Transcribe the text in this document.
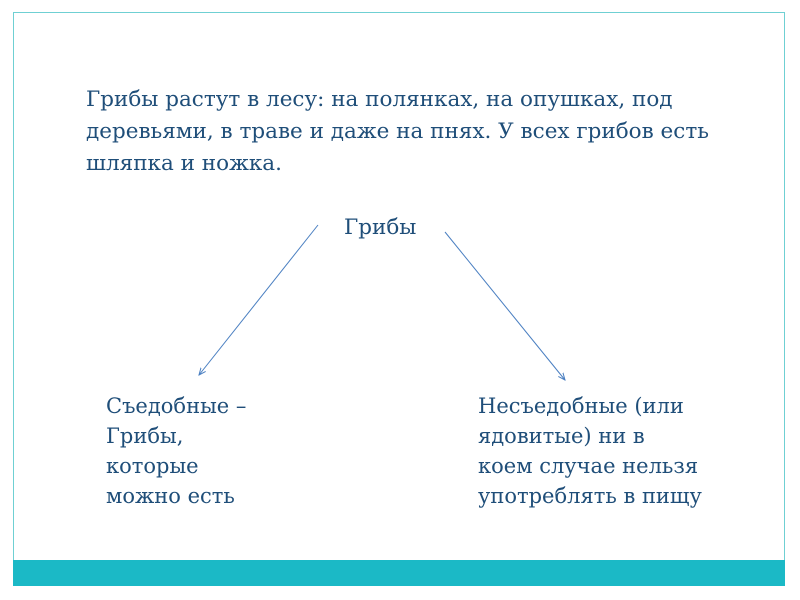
Грибы растут в лесу: на полянках, на опушках, под
деревьями, в траве и даже на пнях. У всех грибов есть
шляпка и ножка.
Грибы
Съедобные –
Грибы,
которые
можно есть
Несъедобные (или
ядовитые) ни в
коем случае нельзя
употреблять в пищу
